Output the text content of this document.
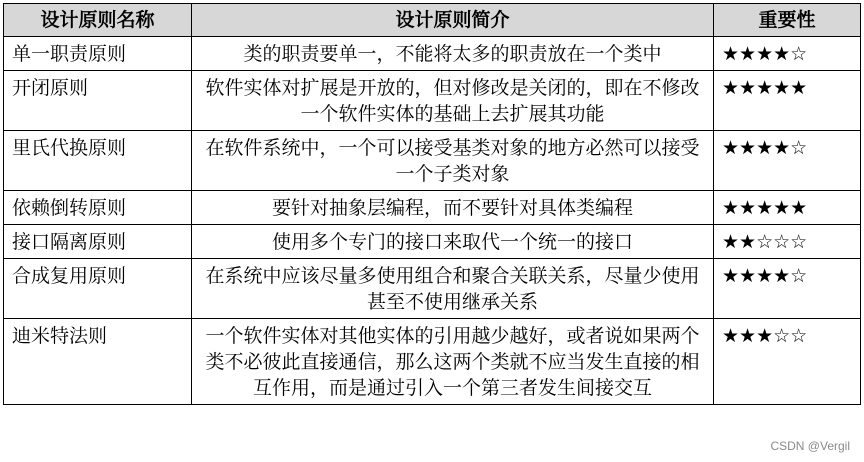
设计原则名称	设计原则简介	重要性
单一职责原则	类的职责要单一，不能将太多的职责放在一个类中	★★★★☆
开闭原则	软件实体对扩展是开放的，但对修改是关闭的，即在不修改一个软件实体的基础上去扩展其功能	★★★★★
里氏代换原则	在软件系统中，一个可以接受基类对象的地方必然可以接受一个子类对象	★★★★☆
依赖倒转原则	要针对抽象层编程，而不要针对具体类编程	★★★★★
接口隔离原则	使用多个专门的接口来取代一个统一的接口	★★☆☆☆
合成复用原则	在系统中应该尽量多使用组合和聚合关联关系，尽量少使用甚至不使用继承关系	★★★★☆
迪米特法则	一个软件实体对其他实体的引用越少越好，或者说如果两个类不必彼此直接通信，那么这两个类就不应当发生直接的相互作用，而是通过引入一个第三者发生间接交互	★★★☆☆
CSDN @Vergil
